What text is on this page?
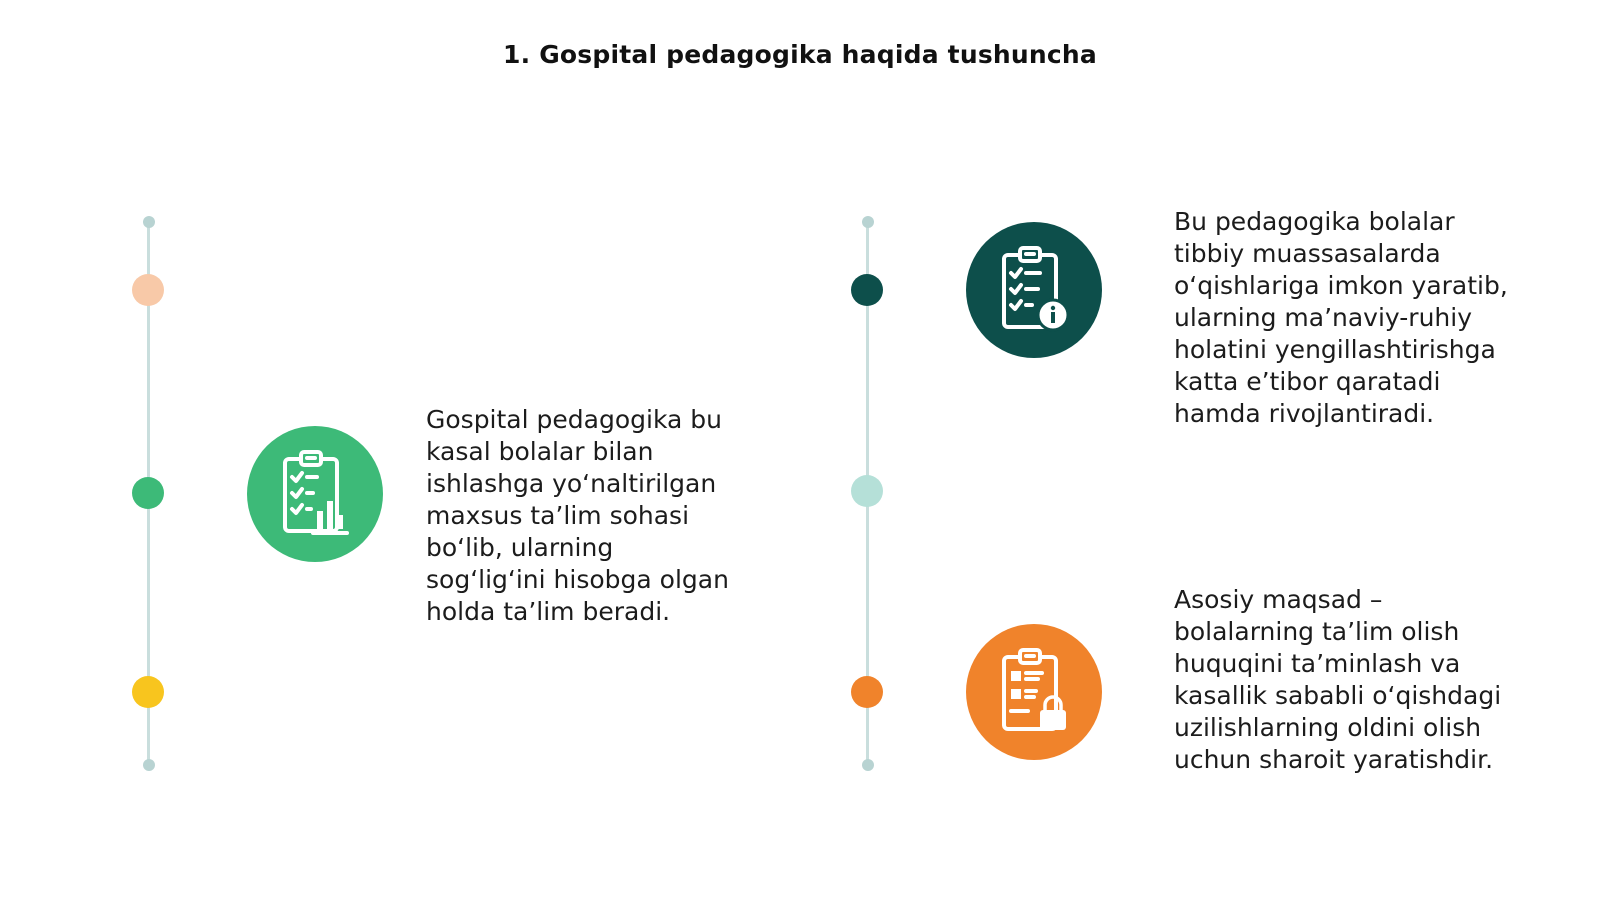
1. Gospital pedagogika haqida tushuncha

Gospital pedagogika bu
kasal bolalar bilan
ishlashga yo‘naltirilgan
maxsus ta’lim sohasi
bo‘lib, ularning
sog‘lig‘ini hisobga olgan
holda ta’lim beradi.

Bu pedagogika bolalar
tibbiy muassasalarda
o‘qishlariga imkon yaratib,
ularning ma’naviy-ruhiy
holatini yengillashtirishga
katta e’tibor qaratadi
hamda rivojlantiradi.

Asosiy maqsad –
bolalarning ta’lim olish
huquqini ta’minlash va
kasallik sababli o‘qishdagi
uzilishlarning oldini olish
uchun sharoit yaratishdir.
